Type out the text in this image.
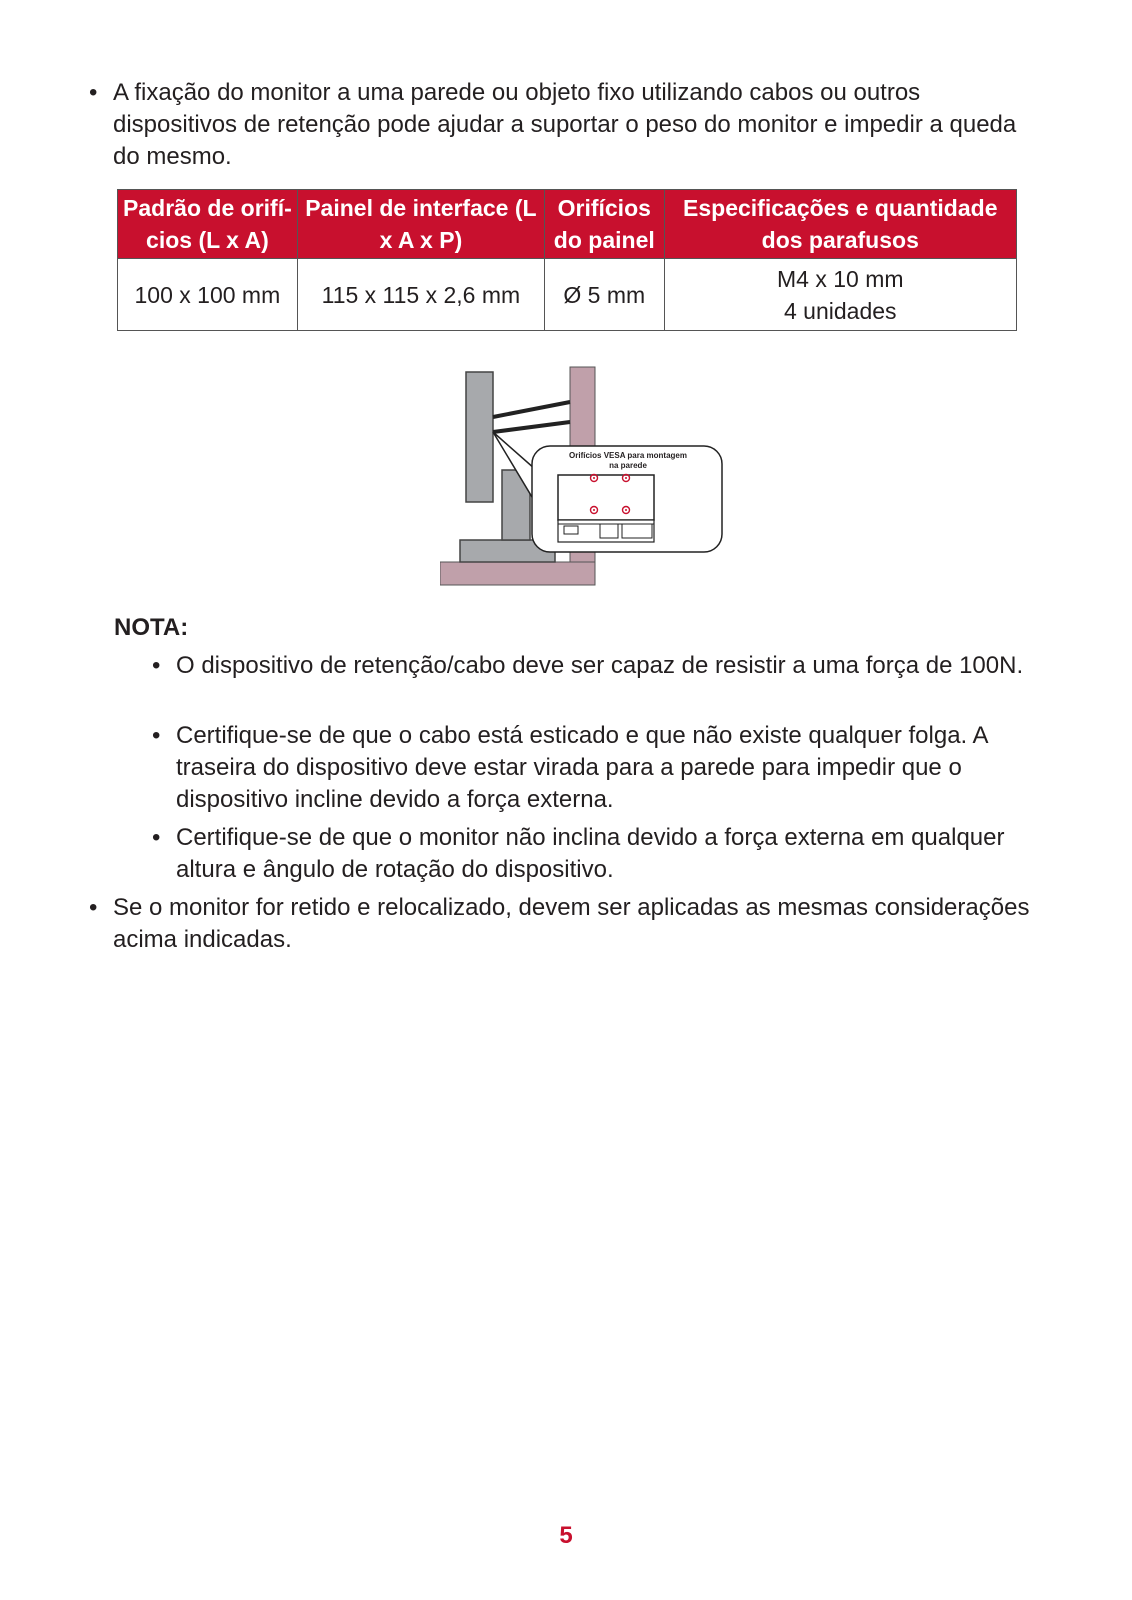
• A fixação do monitor a uma parede ou objeto fixo utilizando cabos ou outros dispositivos de retenção pode ajudar a suportar o peso do monitor e impedir a queda do mesmo.
Padrão de orifí-cios (L x A)	Painel de interface (L x A x P)	Orifícios do painel	Especificações e quantidade dos parafusos
100 x 100 mm	115 x 115 x 2,6 mm	Ø 5 mm	M4 x 10 mm
4 unidades
Orifícios VESA para montagem
na parede
NOTA:
• O dispositivo de retenção/cabo deve ser capaz de resistir a uma força de 100N.
• Certifique-se de que o cabo está esticado e que não existe qualquer folga. A traseira do dispositivo deve estar virada para a parede para impedir que o dispositivo incline devido a força externa.
• Certifique-se de que o monitor não inclina devido a força externa em qualquer altura e ângulo de rotação do dispositivo.
• Se o monitor for retido e relocalizado, devem ser aplicadas as mesmas considerações acima indicadas.
5
